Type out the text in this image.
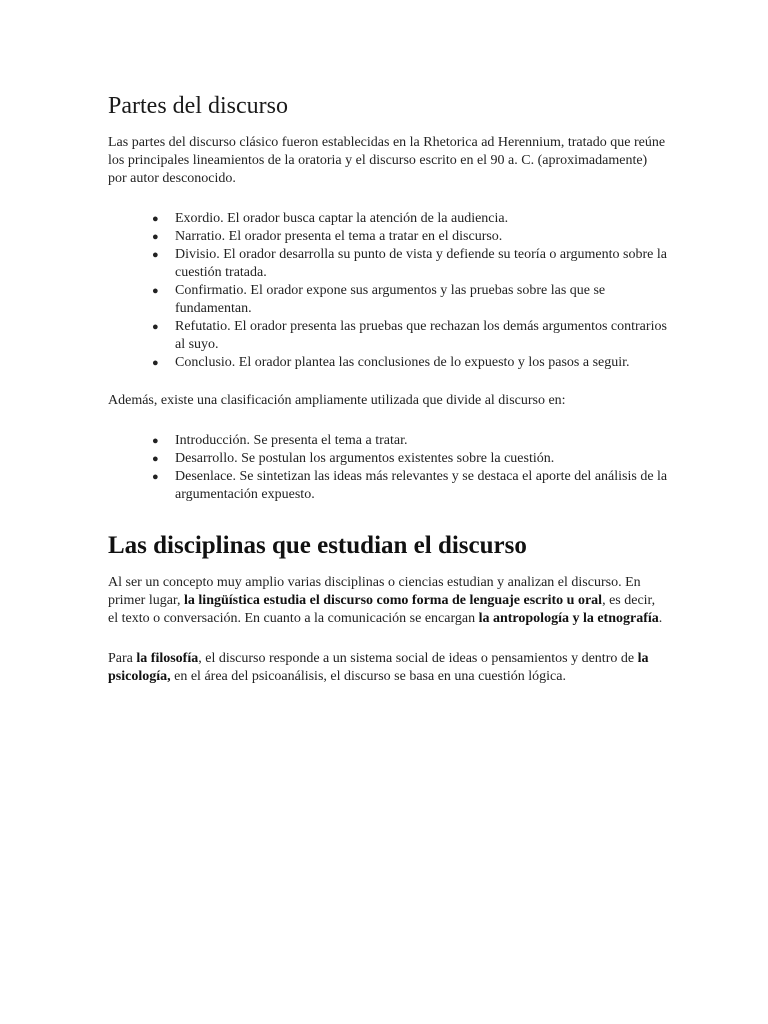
Partes del discurso

Las partes del discurso clásico fueron establecidas en la Rhetorica ad Herennium, tratado que reúne los principales lineamientos de la oratoria y el discurso escrito en el 90 a. C. (aproximadamente) por autor desconocido.

● Exordio. El orador busca captar la atención de la audiencia.
● Narratio. El orador presenta el tema a tratar en el discurso.
● Divisio. El orador desarrolla su punto de vista y defiende su teoría o argumento sobre la cuestión tratada.
● Confirmatio. El orador expone sus argumentos y las pruebas sobre las que se fundamentan.
● Refutatio. El orador presenta las pruebas que rechazan los demás argumentos contrarios al suyo.
● Conclusio. El orador plantea las conclusiones de lo expuesto y los pasos a seguir.

Además, existe una clasificación ampliamente utilizada que divide al discurso en:

● Introducción. Se presenta el tema a tratar.
● Desarrollo. Se postulan los argumentos existentes sobre la cuestión.
● Desenlace. Se sintetizan las ideas más relevantes y se destaca el aporte del análisis de la argumentación expuesto.
Las disciplinas que estudian el discurso

Al ser un concepto muy amplio varias disciplinas o ciencias estudian y analizan el discurso. En primer lugar, la lingüística estudia el discurso como forma de lenguaje escrito u oral, es decir, el texto o conversación. En cuanto a la comunicación se encargan la antropología y la etnografía.

Para la filosofía, el discurso responde a un sistema social de ideas o pensamientos y dentro de la psicología, en el área del psicoanálisis, el discurso se basa en una cuestión lógica.
